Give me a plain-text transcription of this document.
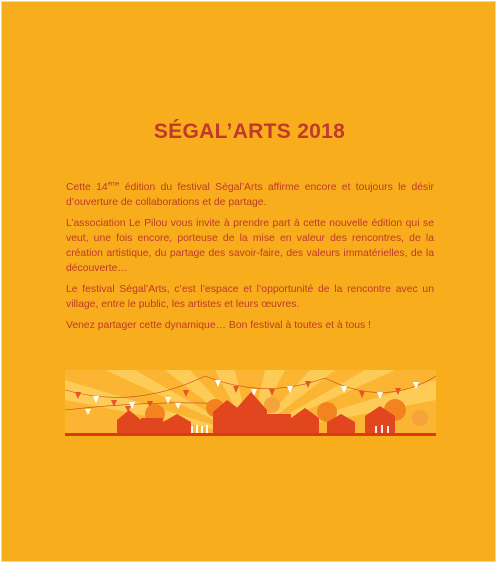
SÉGAL’ARTS 2018

Cette 14ème édition du festival Ségal’Arts affirme encore et toujours le désir d’ouverture de collaborations et de partage.

L’association Le Pilou vous invite à prendre part à cette nouvelle édition qui se veut, une fois encore, porteuse de la mise en valeur des rencontres, de la création artistique, du partage des savoir-faire, des valeurs immatérielles, de la découverte…

Le festival Ségal’Arts, c’est l’espace et l’opportunité de la rencontre avec un village, entre le public, les artistes et leurs œuvres.

Venez partager cette dynamique… Bon festival à toutes et à tous !
